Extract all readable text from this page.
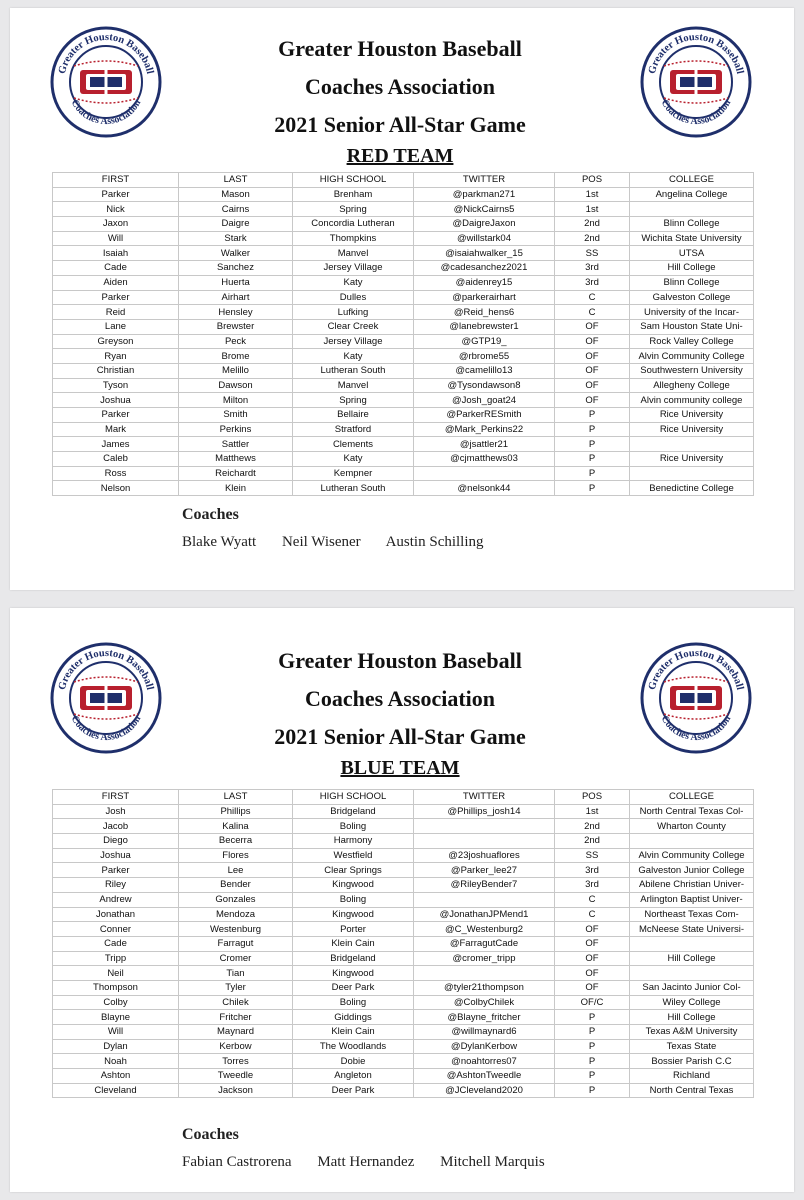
Greater Houston Baseball
Coaches Association
Greater Houston Baseball
Coaches Association
Greater Houston Baseball
Coaches Association
2021 Senior All-Star Game
RED TEAM
FIRST	LAST	HIGH SCHOOL	TWITTER	POS	COLLEGE
Parker	Mason	Brenham	@parkman271	1st	Angelina College
Nick	Cairns	Spring	@NickCairns5	1st	
Jaxon	Daigre	Concordia Lutheran	@DaigreJaxon	2nd	Blinn College
Will	Stark	Thompkins	@willstark04	2nd	Wichita State University
Isaiah	Walker	Manvel	@isaiahwalker_15	SS	UTSA
Cade	Sanchez	Jersey Village	@cadesanchez2021	3rd	Hill College
Aiden	Huerta	Katy	@aidenrey15	3rd	Blinn College
Parker	Airhart	Dulles	@parkerairhart	C	Galveston College
Reid	Hensley	Lufking	@Reid_hens6	C	University of the Incar-
Lane	Brewster	Clear Creek	@lanebrewster1	OF	Sam Houston State Uni-
Greyson	Peck	Jersey Village	@GTP19_	OF	Rock Valley College
Ryan	Brome	Katy	@rbrome55	OF	Alvin Community College
Christian	Melillo	Lutheran South	@camelillo13	OF	Southwestern University
Tyson	Dawson	Manvel	@Tysondawson8	OF	Allegheny College
Joshua	Milton	Spring	@Josh_goat24	OF	Alvin community college
Parker	Smith	Bellaire	@ParkerRESmith	P	Rice University
Mark	Perkins	Stratford	@Mark_Perkins22	P	Rice University
James	Sattler	Clements	@jsattler21	P	
Caleb	Matthews	Katy	@cjmatthews03	P	Rice University
Ross	Reichardt	Kempner		P	
Nelson	Klein	Lutheran South	@nelsonk44	P	Benedictine College
Coaches
Blake Wyatt Neil Wisener Austin Schilling
Greater Houston Baseball
Coaches Association
Greater Houston Baseball
Coaches Association
Greater Houston Baseball
Coaches Association
2021 Senior All-Star Game
BLUE TEAM
FIRST	LAST	HIGH SCHOOL	TWITTER	POS	COLLEGE
Josh	Phillips	Bridgeland	@Phillips_josh14	1st	North Central Texas Col-
Jacob	Kalina	Boling		2nd	Wharton County
Diego	Becerra	Harmony		2nd	
Joshua	Flores	Westfield	@23joshuaflores	SS	Alvin Community College
Parker	Lee	Clear Springs	@Parker_lee27	3rd	Galveston Junior College
Riley	Bender	Kingwood	@RileyBender7	3rd	Abilene Christian Univer-
Andrew	Gonzales	Boling		C	Arlington Baptist Univer-
Jonathan	Mendoza	Kingwood	@JonathanJPMend1	C	Northeast Texas Com-
Conner	Westenburg	Porter	@C_Westenburg2	OF	McNeese State Universi-
Cade	Farragut	Klein Cain	@FarragutCade	OF	
Tripp	Cromer	Bridgeland	@cromer_tripp	OF	Hill College
Neil	Tian	Kingwood		OF	
Thompson	Tyler	Deer Park	@tyler21thompson	OF	San Jacinto Junior Col-
Colby	Chilek	Boling	@ColbyChilek	OF/C	Wiley College
Blayne	Fritcher	Giddings	@Blayne_fritcher	P	Hill College
Will	Maynard	Klein Cain	@willmaynard6	P	Texas A&M University
Dylan	Kerbow	The Woodlands	@DylanKerbow	P	Texas State
Noah	Torres	Dobie	@noahtorres07	P	Bossier Parish C.C
Ashton	Tweedle	Angleton	@AshtonTweedle	P	Richland
Cleveland	Jackson	Deer Park	@JCleveland2020	P	North Central Texas
Coaches
Fabian Castrorena Matt Hernandez Mitchell Marquis
